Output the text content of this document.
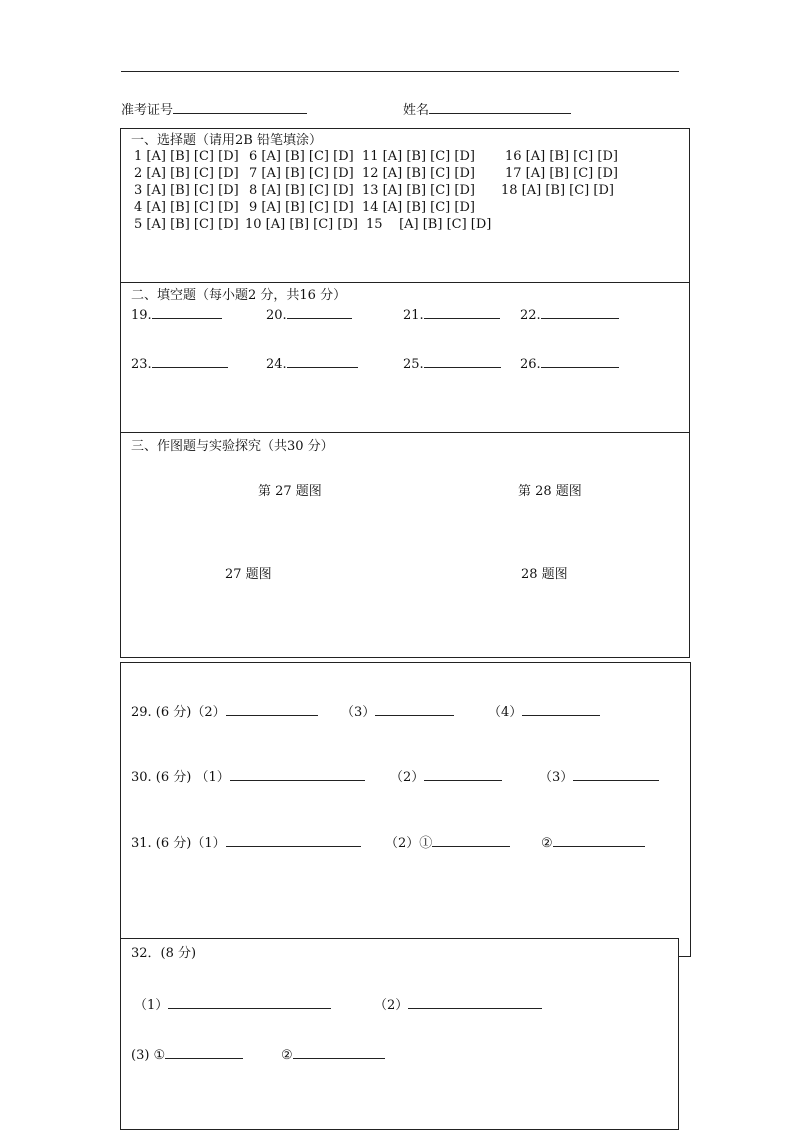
准考证号	姓名
一、选择题（请用2B 铅笔填涂）
1 [A] [B] [C] [D]
2 [A] [B] [C] [D]
3 [A] [B] [C] [D]
4 [A] [B] [C] [D]
5 [A] [B] [C] [D]
6 [A] [B] [C] [D]
7 [A] [B] [C] [D]
8 [A] [B] [C] [D]
9 [A] [B] [C] [D]
10 [A] [B] [C] [D]
11 [A] [B] [C] [D]
12 [A] [B] [C] [D]
13 [A] [B] [C] [D]
14 [A] [B] [C] [D]
15    [A] [B] [C] [D]
16 [A] [B] [C] [D]
17 [A] [B] [C] [D]
18 [A] [B] [C] [D]
二、填空题（每小题2 分，共16 分）
19.	20.	21.	22.
23.	24.	25.	26.
三、作图题与实验探究（共30 分）
第 27 题图	第 28 题图
27 题图	28 题图
29. (6 分)（2）	（3）	（4）
30. (6 分) （1）	（2）	（3）
31. (6 分)（1）	（2）①	②
32．(8 分)
（1）	（2）
(3) ①	②
